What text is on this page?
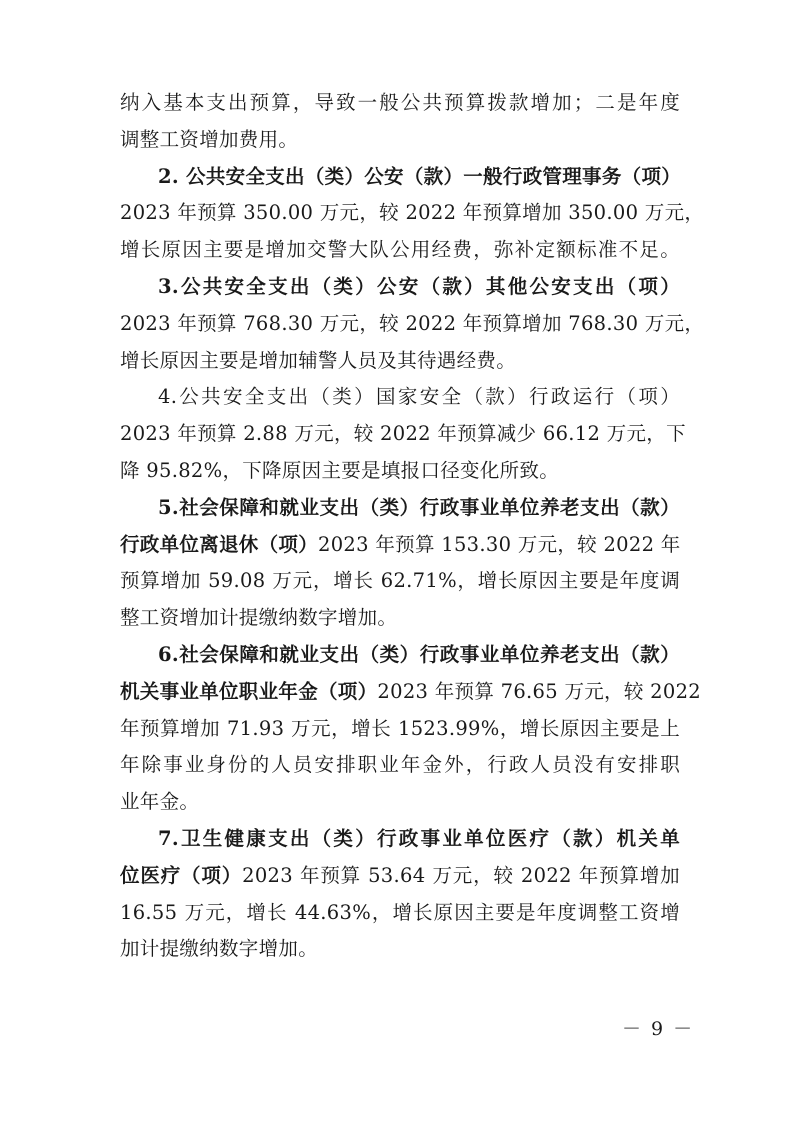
纳入基本支出预算，导致一般公共预算拨款增加；二是年度
调整工资增加费用。
2. 公共安全支出（类）公安（款）一般行政管理事务（项）
2023 年预算 350.00 万元，较 2022 年预算增加 350.00 万元，
增长原因主要是增加交警大队公用经费，弥补定额标准不足。
3.公共安全支出（类）公安（款）其他公安支出（项）
2023 年预算 768.30 万元，较 2022 年预算增加 768.30 万元，
增长原因主要是增加辅警人员及其待遇经费。
4.公共安全支出（类）国家安全（款）行政运行（项）
2023 年预算 2.88 万元，较 2022 年预算减少 66.12 万元，下
降 95.82%，下降原因主要是填报口径变化所致。
5.社会保障和就业支出（类）行政事业单位养老支出（款）
行政单位离退休（项）2023 年预算 153.30 万元，较 2022 年
预算增加 59.08 万元，增长 62.71%，增长原因主要是年度调
整工资增加计提缴纳数字增加。
6.社会保障和就业支出（类）行政事业单位养老支出（款）
机关事业单位职业年金（项）2023 年预算 76.65 万元，较 2022
年预算增加 71.93 万元，增长 1523.99%，增长原因主要是上
年除事业身份的人员安排职业年金外，行政人员没有安排职
业年金。
7.卫生健康支出（类）行政事业单位医疗（款）机关单
位医疗（项）2023 年预算 53.64 万元，较 2022 年预算增加
16.55 万元，增长 44.63%，增长原因主要是年度调整工资增
加计提缴纳数字增加。
－ 9 －
